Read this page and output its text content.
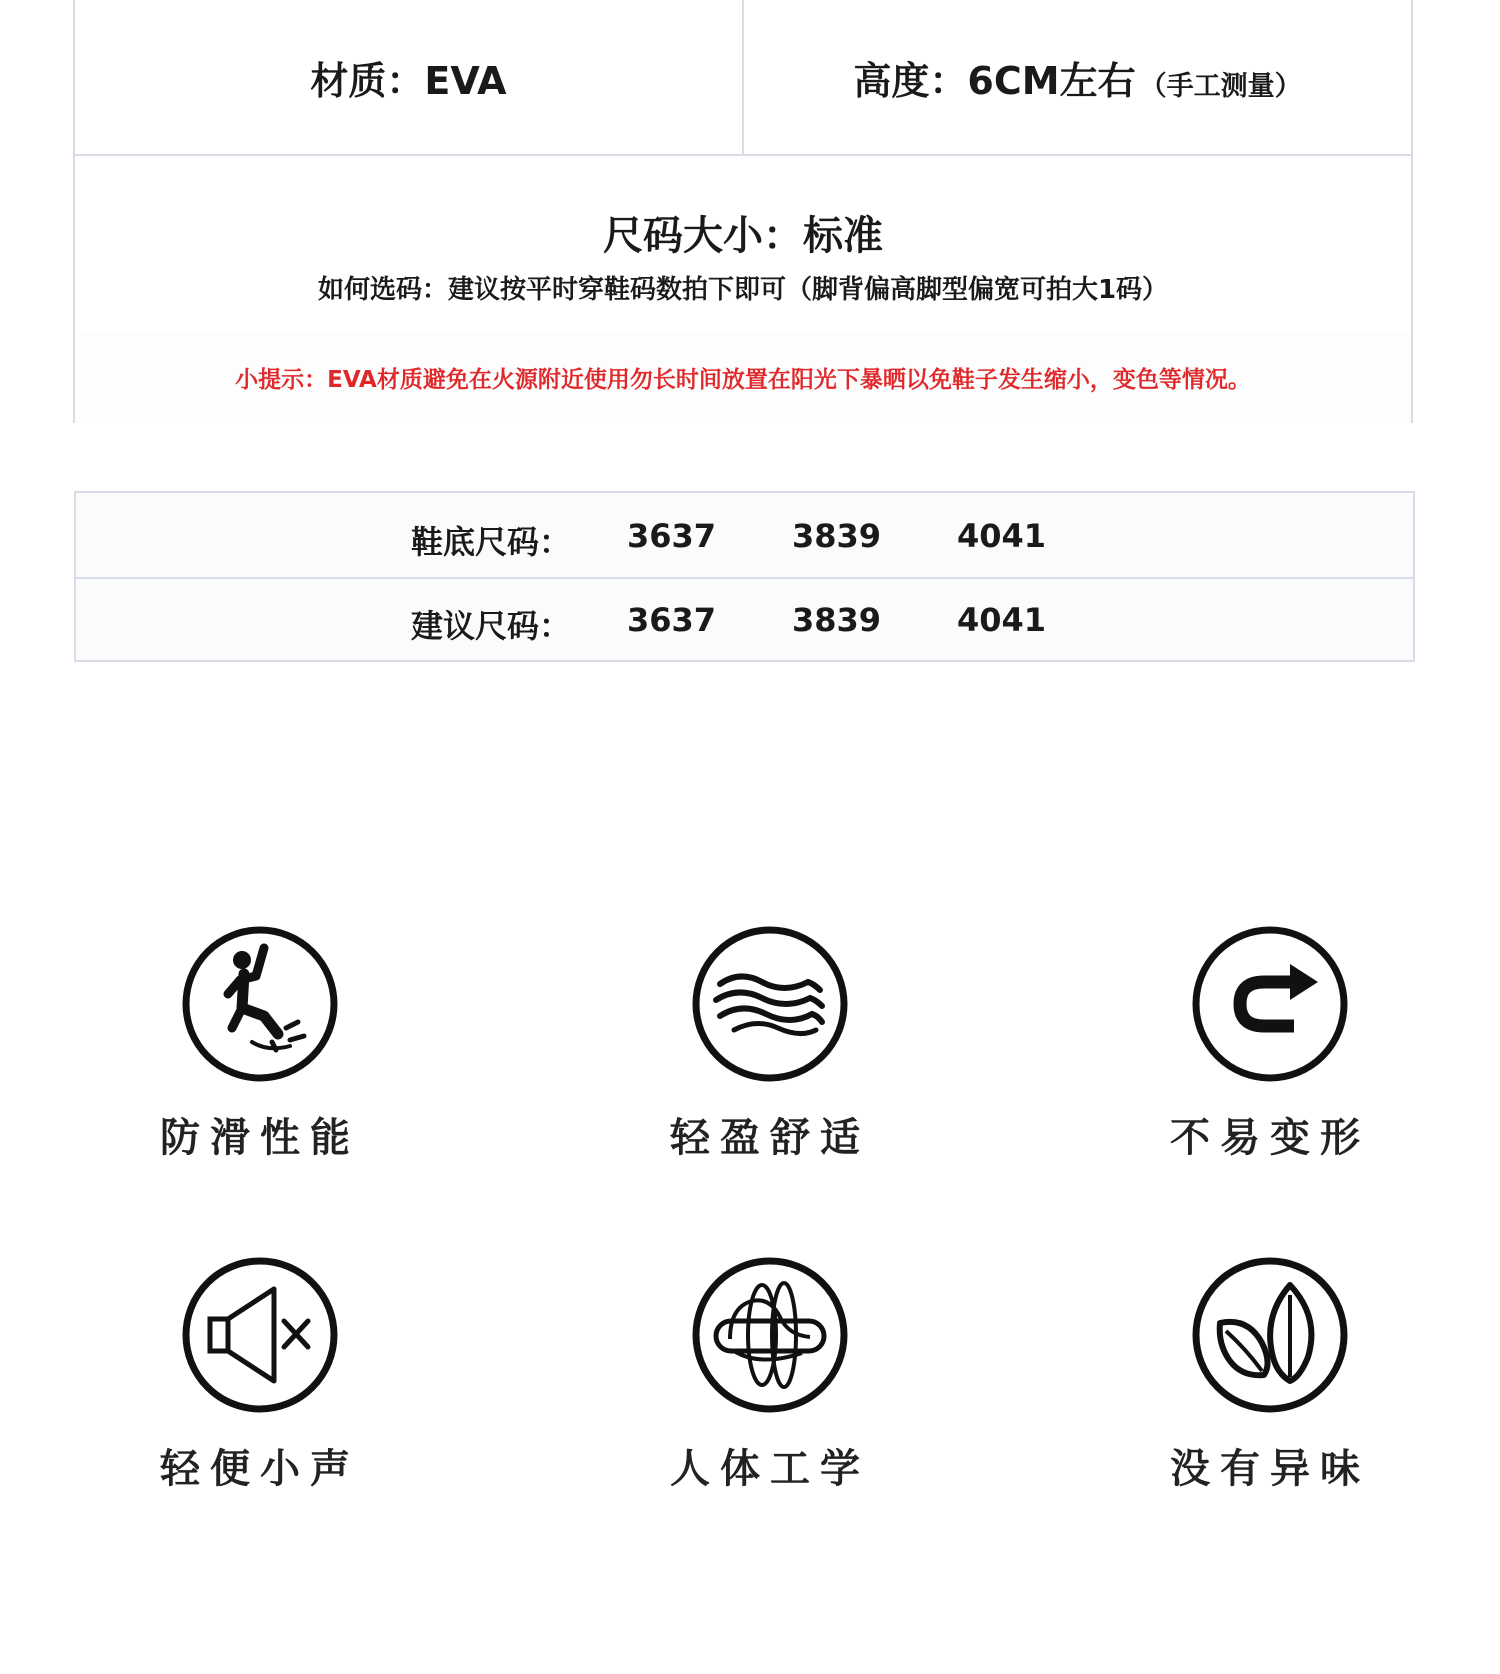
材质：EVA	高度：6CM左右 （手工测量）
尺码大小：标准
如何选码：建议按平时穿鞋码数拍下即可（脚背偏高脚型偏宽可拍大1码）
小提示：EVA材质避免在火源附近使用勿长时间放置在阳光下暴晒以免鞋子发生缩小，变色等情况。
鞋底尺码： 3637 3839 4041
建议尺码： 3637 3839 4041
防滑性能	轻盈舒适	不易变形
轻便小声	人体工学	没有异味
